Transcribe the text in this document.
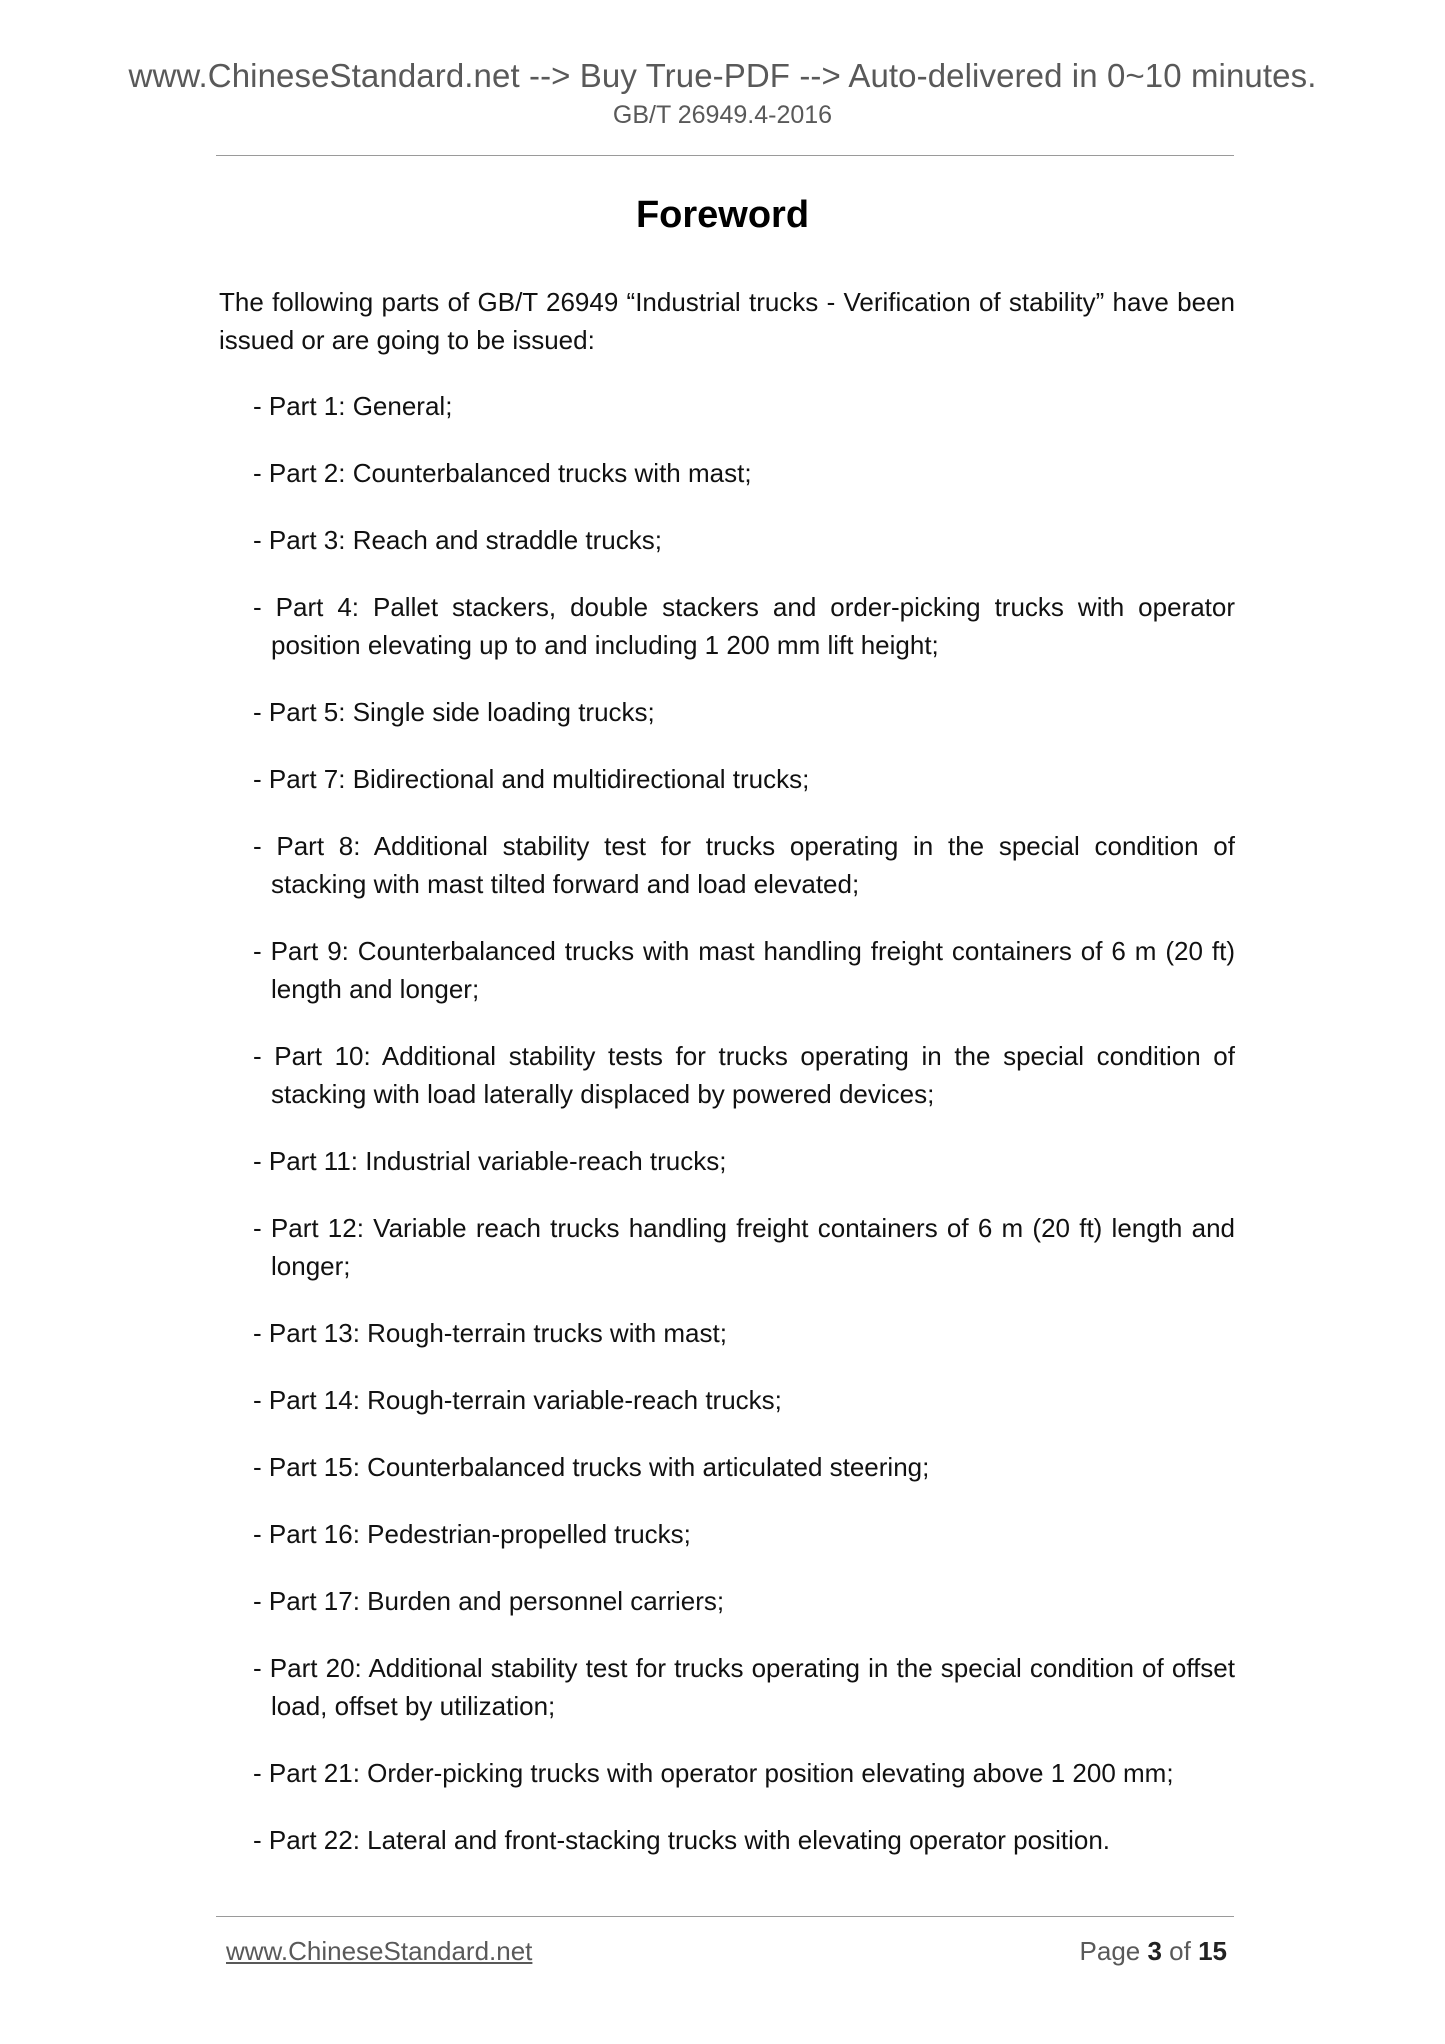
www.ChineseStandard.net --> Buy True-PDF --> Auto-delivered in 0~10 minutes.
GB/T 26949.4-2016
Foreword
The following parts of GB/T 26949 “Industrial trucks - Verification of stability” have been issued or are going to be issued:
- Part 1: General;
- Part 2: Counterbalanced trucks with mast;
- Part 3: Reach and straddle trucks;
- Part 4: Pallet stackers, double stackers and order-picking trucks with operator position elevating up to and including 1 200 mm lift height;
- Part 5: Single side loading trucks;
- Part 7: Bidirectional and multidirectional trucks;
- Part 8: Additional stability test for trucks operating in the special condition of stacking with mast tilted forward and load elevated;
- Part 9: Counterbalanced trucks with mast handling freight containers of 6 m (20 ft) length and longer;
- Part 10: Additional stability tests for trucks operating in the special condition of stacking with load laterally displaced by powered devices;
- Part 11: Industrial variable-reach trucks;
- Part 12: Variable reach trucks handling freight containers of 6 m (20 ft) length and longer;
- Part 13: Rough-terrain trucks with mast;
- Part 14: Rough-terrain variable-reach trucks;
- Part 15: Counterbalanced trucks with articulated steering;
- Part 16: Pedestrian-propelled trucks;
- Part 17: Burden and personnel carriers;
- Part 20: Additional stability test for trucks operating in the special condition of offset load, offset by utilization;
- Part 21: Order-picking trucks with operator position elevating above 1 200 mm;
- Part 22: Lateral and front-stacking trucks with elevating operator position.
www.ChineseStandard.net	Page 3 of 15
